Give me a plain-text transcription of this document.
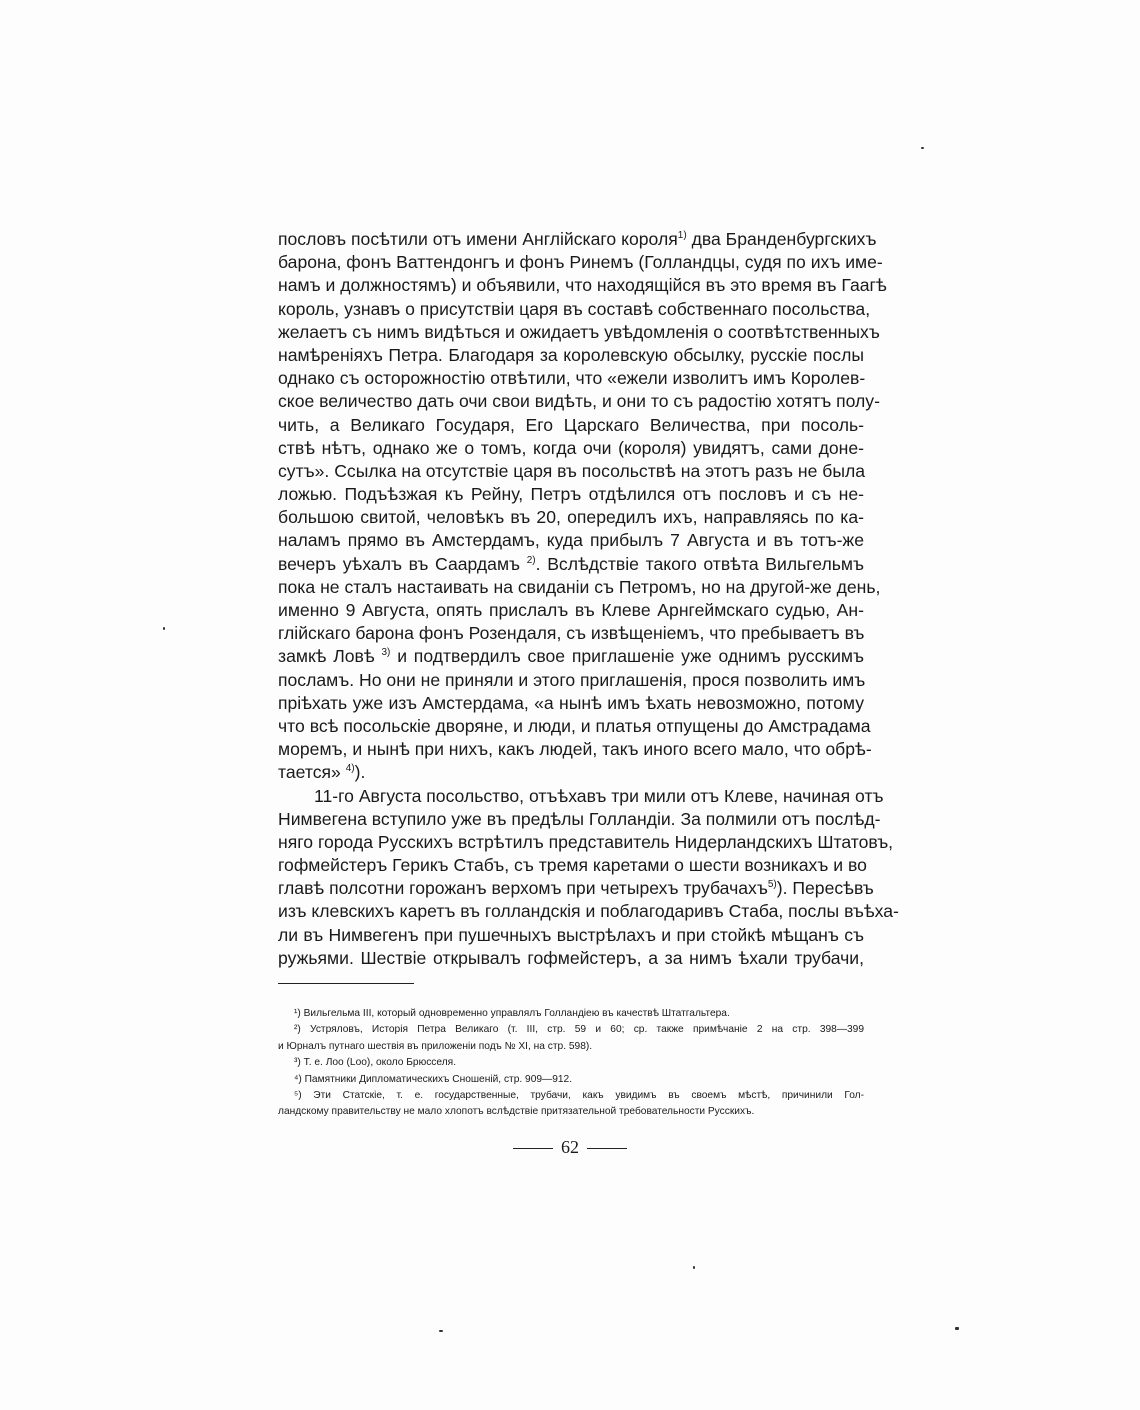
пословъ посѣтили отъ имени Англійскаго короля$^{1)}$ два Бранденбургскихъ
барона, фонъ Ваттендонгъ и фонъ Ринемъ (Голландцы, судя по ихъ име-
намъ и должностямъ) и объявили, что находящійся въ это время въ Гаагѣ
король, узнавъ о присутствіи царя въ составѣ собственнаго посольства,
желаетъ съ нимъ видѣться и ожидаетъ увѣдомленія о соотвѣтственныхъ
намѣреніяхъ Петра. Благодаря за королевскую обсылку, русскіе послы
однако съ осторожностію отвѣтили, что «ежели изволитъ имъ Королев-
ское величество дать очи свои видѣть, и они то съ радостію хотятъ полу-
чить, а Великаго Государя, Его Царскаго Величества, при посоль-
ствѣ нѣтъ, однако же о томъ, когда очи (короля) увидятъ, сами доне-
сутъ». Ссылка на отсутствіе царя въ посольствѣ на этотъ разъ не была
ложью. Подъѣзжая къ Рейну, Петръ отдѣлился отъ пословъ и съ не-
большою свитой, человѣкъ въ 20, опередилъ ихъ, направляясь по ка-
наламъ прямо въ Амстердамъ, куда прибылъ 7 Августа и въ тотъ-же
вечеръ уѣхалъ въ Саардамъ $^{2)}$. Вслѣдствіе такого отвѣта Вильгельмъ
пока не сталъ настаивать на свиданіи съ Петромъ, но на другой-же день,
именно 9 Августа, опять прислалъ въ Клеве Арнгеймскаго судью, Ан-
глійскаго барона фонъ Розендаля, съ извѣщеніемъ, что пребываетъ въ
замкѣ Ловѣ $^{3)}$ и подтвердилъ свое приглашеніе уже однимъ русскимъ
посламъ. Но они не приняли и этого приглашенія, прося позволить имъ
пріѣхать уже изъ Амстердама, «а нынѣ имъ ѣхать невозможно, потому
что всѣ посольскіе дворяне, и люди, и платья отпущены до Амстрадама
моремъ, и нынѣ при нихъ, какъ людей, такъ иного всего мало, что обрѣ-
тается» $^{4)}$).
11-го Августа посольство, отъѣхавъ три мили отъ Клеве, начиная отъ
Нимвегена вступило уже въ предѣлы Голландіи. За полмили отъ послѣд-
няго города Русскихъ встрѣтилъ представитель Нидерландскихъ Штатовъ,
гофмейстеръ Герикъ Стабъ, съ тремя каретами о шести возникахъ и во
главѣ полсотни горожанъ верхомъ при четырехъ трубачахъ$^{5)}$). Пересѣвъ
изъ клевскихъ каретъ въ голландскія и поблагодаривъ Стаба, послы въѣха-
ли въ Нимвегенъ при пушечныхъ выстрѣлахъ и при стойкѣ мѣщанъ съ
ружьями. Шествіе открывалъ гофмейстеръ, а за нимъ ѣхали трубачи,
¹) Вильгельма III, который одновременно управлялъ Голландіею въ качествѣ Штатгальтера.
²) Устряловъ, Исторія Петра Великаго (т. III, стр. 59 и 60; ср. также примѣчаніе 2 на стр. 398—399
и Юрналъ путнаго шествія въ приложеніи подъ № XI, на стр. 598).
³) Т. е. Лоо (Loo), около Брюсселя.
⁴) Памятники Дипломатическихъ Сношеній, стр. 909—912.
⁵) Эти Статскіе, т. е. государственные, трубачи, какъ увидимъ въ своемъ мѣстѣ, причинили Гол-
ландскому правительству не мало хлопотъ вслѣдствіе притязательной требовательности Русскихъ.
62
